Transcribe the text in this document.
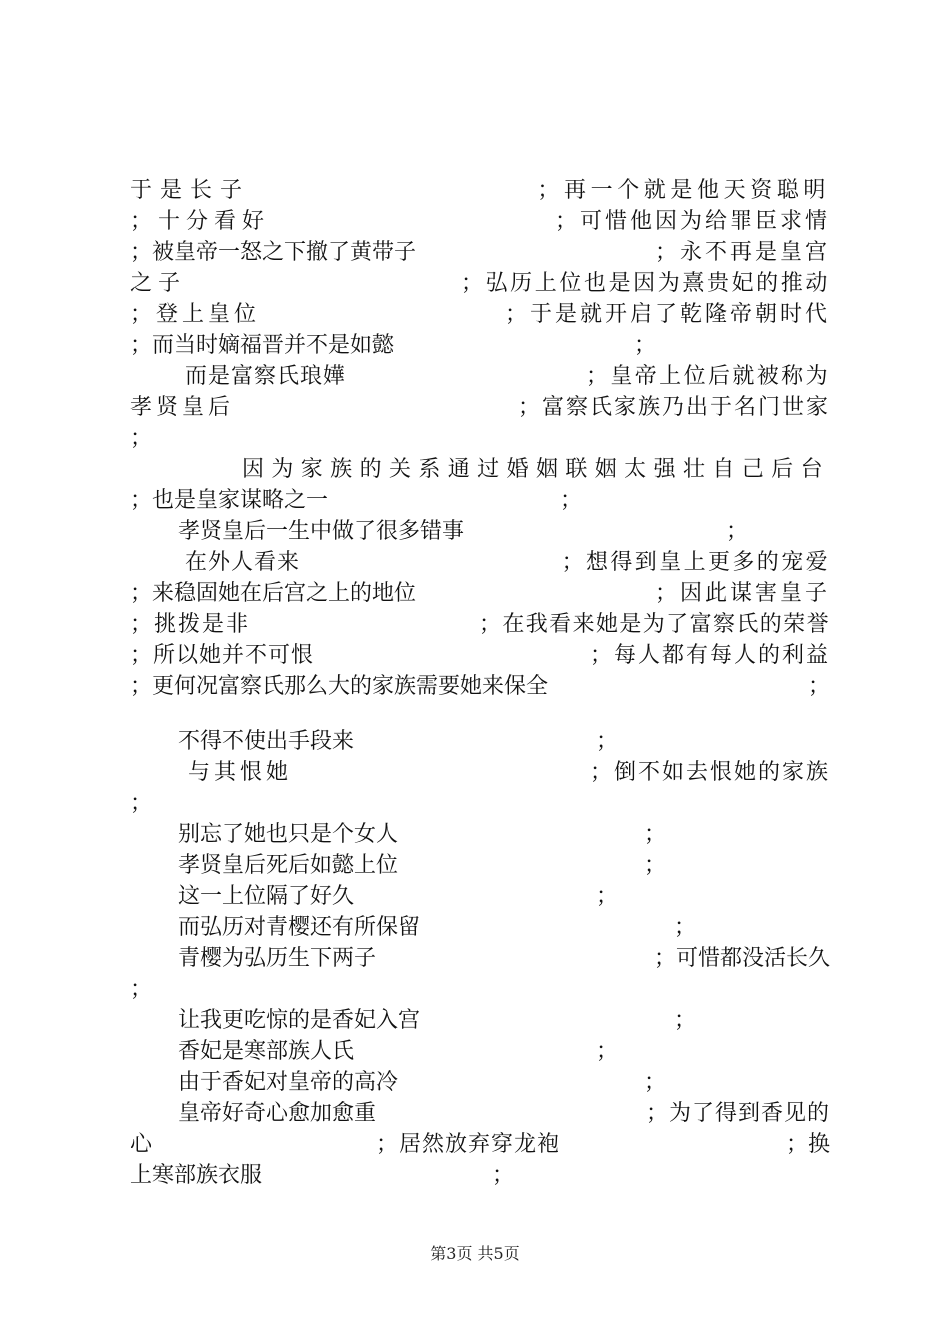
于是长子	；再一个就是他天资聪明
；十分看好	；可惜他因为给罪臣求情
；被皇帝一怒之下撤了黄带子	；永不再是皇宫
之子	；弘历上位也是因为熹贵妃的推动
；登上皇位	；于是就开启了乾隆帝朝时代
；而当时嫡福晋并不是如懿	；
而是富察氏琅嬅	；皇帝上位后就被称为
孝贤皇后	；富察氏家族乃出于名门世家
；
因为家族的关系通过婚姻联姻太强壮自己后台
；也是皇家谋略之一	；
孝贤皇后一生中做了很多错事	；
在外人看来	；想得到皇上更多的宠爱
；来稳固她在后宫之上的地位	；因此谋害皇子
；挑拨是非	；在我看来她是为了富察氏的荣誉
；所以她并不可恨	；每人都有每人的利益
；更何况富察氏那么大的家族需要她来保全	；
不得不使出手段来	；
与其恨她	；倒不如去恨她的家族
；
别忘了她也只是个女人	；
孝贤皇后死后如懿上位	；
这一上位隔了好久	；
而弘历对青樱还有所保留	；
青樱为弘历生下两子	；可惜都没活长久
；
让我更吃惊的是香妃入宫	；
香妃是寒部族人氏	；
由于香妃对皇帝的高冷	；
皇帝好奇心愈加愈重	；为了得到香见的
心	；居然放弃穿龙袍	；换
上寒部族衣服	；
第3页 共5页
